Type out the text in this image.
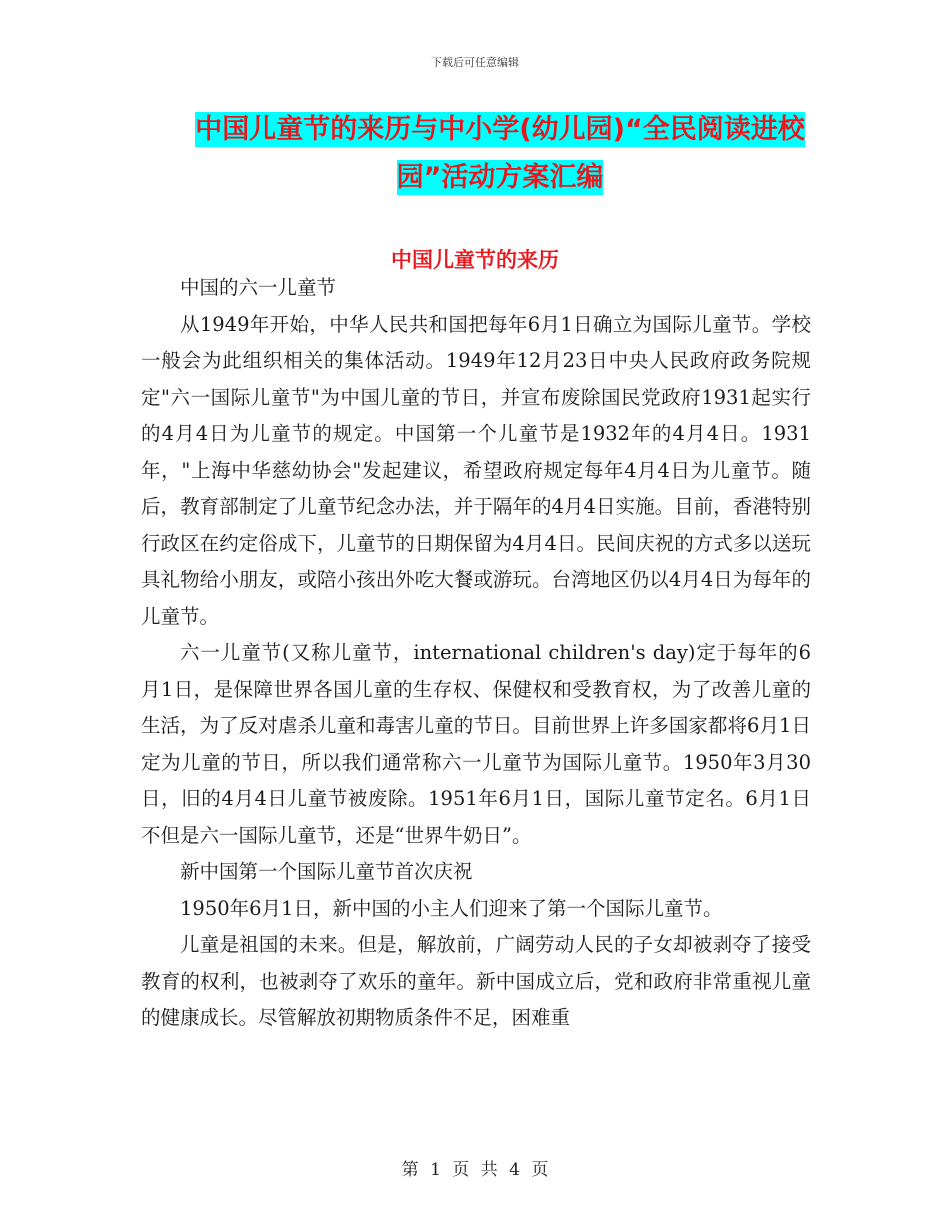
下载后可任意编辑
中国儿童节的来历与中小学(幼儿园)“全民阅读进校
园”活动方案汇编
中国儿童节的来历

中国的六一儿童节

从1949年开始，中华人民共和国把每年6月1日确立为国际儿童节。学校一般会为此组织相关的集体活动。1949年12月23日中央人民政府政务院规定"六一国际儿童节"为中国儿童的节日，并宣布废除国民党政府1931起实行的4月4日为儿童节的规定。中国第一个儿童节是1932年的4月4日。1931年，"上海中华慈幼协会"发起建议，希望政府规定每年4月4日为儿童节。随后，教育部制定了儿童节纪念办法，并于隔年的4月4日实施。目前，香港特别行政区在约定俗成下，儿童节的日期保留为4月4日。民间庆祝的方式多以送玩具礼物给小朋友，或陪小孩出外吃大餐或游玩。台湾地区仍以4月4日为每年的儿童节。

六一儿童节(又称儿童节，international children's day)定于每年的6月1日，是保障世界各国儿童的生存权、保健权和受教育权，为了改善儿童的生活，为了反对虐杀儿童和毒害儿童的节日。目前世界上许多国家都将6月1日定为儿童的节日，所以我们通常称六一儿童节为国际儿童节。1950年3月30日，旧的4月4日儿童节被废除。1951年6月1日，国际儿童节定名。6月1日不但是六一国际儿童节，还是“世界牛奶日”。

新中国第一个国际儿童节首次庆祝

1950年6月1日，新中国的小主人们迎来了第一个国际儿童节。

儿童是祖国的未来。但是，解放前，广阔劳动人民的子女却被剥夺了接受教育的权利，也被剥夺了欢乐的童年。新中国成立后，党和政府非常重视儿童的健康成长。尽管解放初期物质条件不足，困难重

第 1 页 共 4 页
